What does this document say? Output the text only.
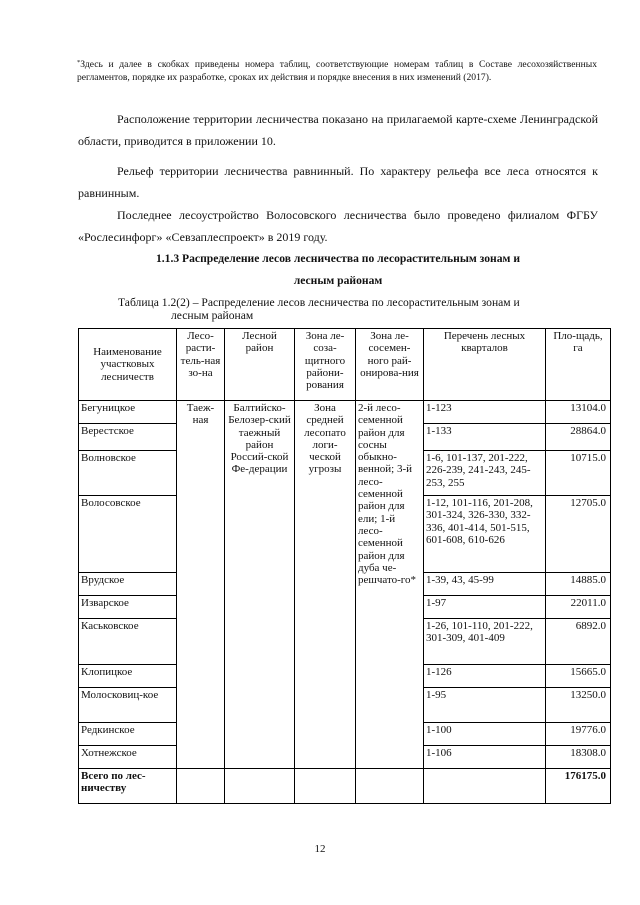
*Здесь и далее в скобках приведены номера таблиц, соответствующие номерам таблиц в Составе лесохозяйственных регламентов, порядке их разработке, сроках их действия и порядке внесения в них изменений (2017).
Расположение территории лесничества показано на прилагаемой карте-схеме Ленинградской области, приводится в приложении 10.
Рельеф территории лесничества равнинный. По характеру рельефа все леса относятся к равнинным.
Последнее лесоустройство Волосовского лесничества было проведено филиалом ФГБУ «Рослесинфорг» «Севзаплеспроект» в 2019 году.
1.1.3 Распределение лесов лесничества по лесорастительным зонам и
лесным районам
Таблица 1.2(2) – Распределение лесов лесничества по лесорастительным зонам и
лесным районам
Наименование участковых лесничеств	Лесо-расти-тель-ная зо-на	Лесной район	Зона ле-соза-щитного райони-рования	Зона ле-сосемен-ного рай-онирова-ния	Перечень лесных кварталов	Пло-щадь, га
Бегуницкое	Таеж-ная	Балтийско-Белозер-ский таежный район Россий-ской Фе-дерации	Зона средней лесопато логи-ческой угрозы	2-й лесо-семенной район для сосны обыкно-венной; 3-й лесо-семенной район для ели; 1-й лесо-семенной район для дуба че-решчато-го*	1-123	13104.0
Верестское					1-133	28864.0
Волновское					1-6, 101-137, 201-222, 226-239, 241-243, 245-253, 255	10715.0
Волосовское					1-12, 101-116, 201-208, 301-324, 326-330, 332-336, 401-414, 501-515, 601-608, 610-626	12705.0
Врудское					1-39, 43, 45-99	14885.0
Изварское					1-97	22011.0
Каськовское					1-26, 101-110, 201-222, 301-309, 401-409	6892.0
Клопицкое					1-126	15665.0
Молосковиц-кое					1-95	13250.0
Редкинское					1-100	19776.0
Хотнежское					1-106	18308.0
Всего по лес-ничеству						176175.0
12
